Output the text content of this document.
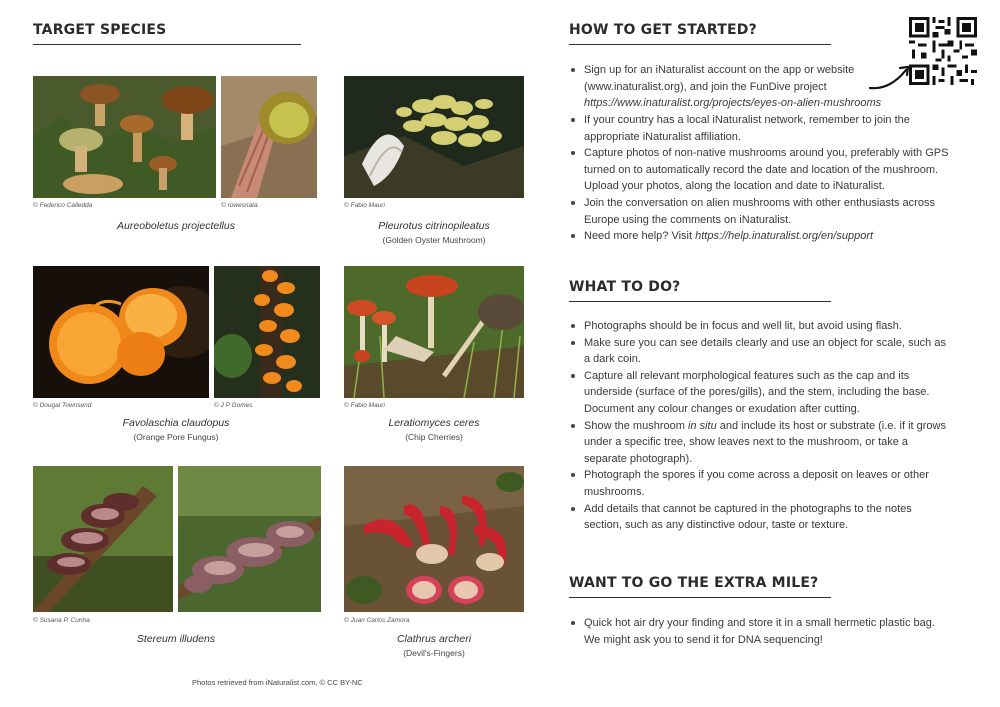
TARGET SPECIES
© Federico Calledda	© rowesnata
Aureoboletus projectellus
© Fabio Mauri
Pleurotus citrinopileatus
(Golden Oyster Mushroom)
© Dougal Townsend	© J P Gomes
Favolaschia claudopus
(Orange Pore Fungus)
© Fabio Mauri
Leratiomyces ceres
(Chip Cherries)
© Susana P. Cunha
Stereum illudens
© Juan Carlos Zamora
Clathrus archeri
(Devil's-Fingers)
Photos retrieved from iNaturalist.com, © CC BY-NC
HOW TO GET STARTED?
Sign up for an iNaturalist account on the app or website (www.inaturalist.org), and join the FunDive project
https://www.inaturalist.org/projects/eyes-on-alien-mushrooms
If your country has a local iNaturalist network, remember to join the appropriate iNaturalist affiliation.
Capture photos of non-native mushrooms around you, preferably with GPS turned on to automatically record the date and location of the mushroom. Upload your photos, along the location and date to iNaturalist.
Join the conversation on alien mushrooms with other enthusiasts across Europe using the comments on iNaturalist.
Need more help? Visit https://help.inaturalist.org/en/support
WHAT TO DO?
Photographs should be in focus and well lit, but avoid using flash.
Make sure you can see details clearly and use an object for scale, such as a dark coin.
Capture all relevant morphological features such as the cap and its underside (surface of the pores/gills), and the stem, including the base. Document any colour changes or exudation after cutting.
Show the mushroom in situ and include its host or substrate (i.e. if it grows under a specific tree, show leaves next to the mushroom, or take a separate photograph).
Photograph the spores if you come across a deposit on leaves or other mushrooms.
Add details that cannot be captured in the photographs to the notes section, such as any distinctive odour, taste or texture.
WANT TO GO THE EXTRA MILE?
Quick hot air dry your finding and store it in a small hermetic plastic bag. We might ask you to send it for DNA sequencing!
